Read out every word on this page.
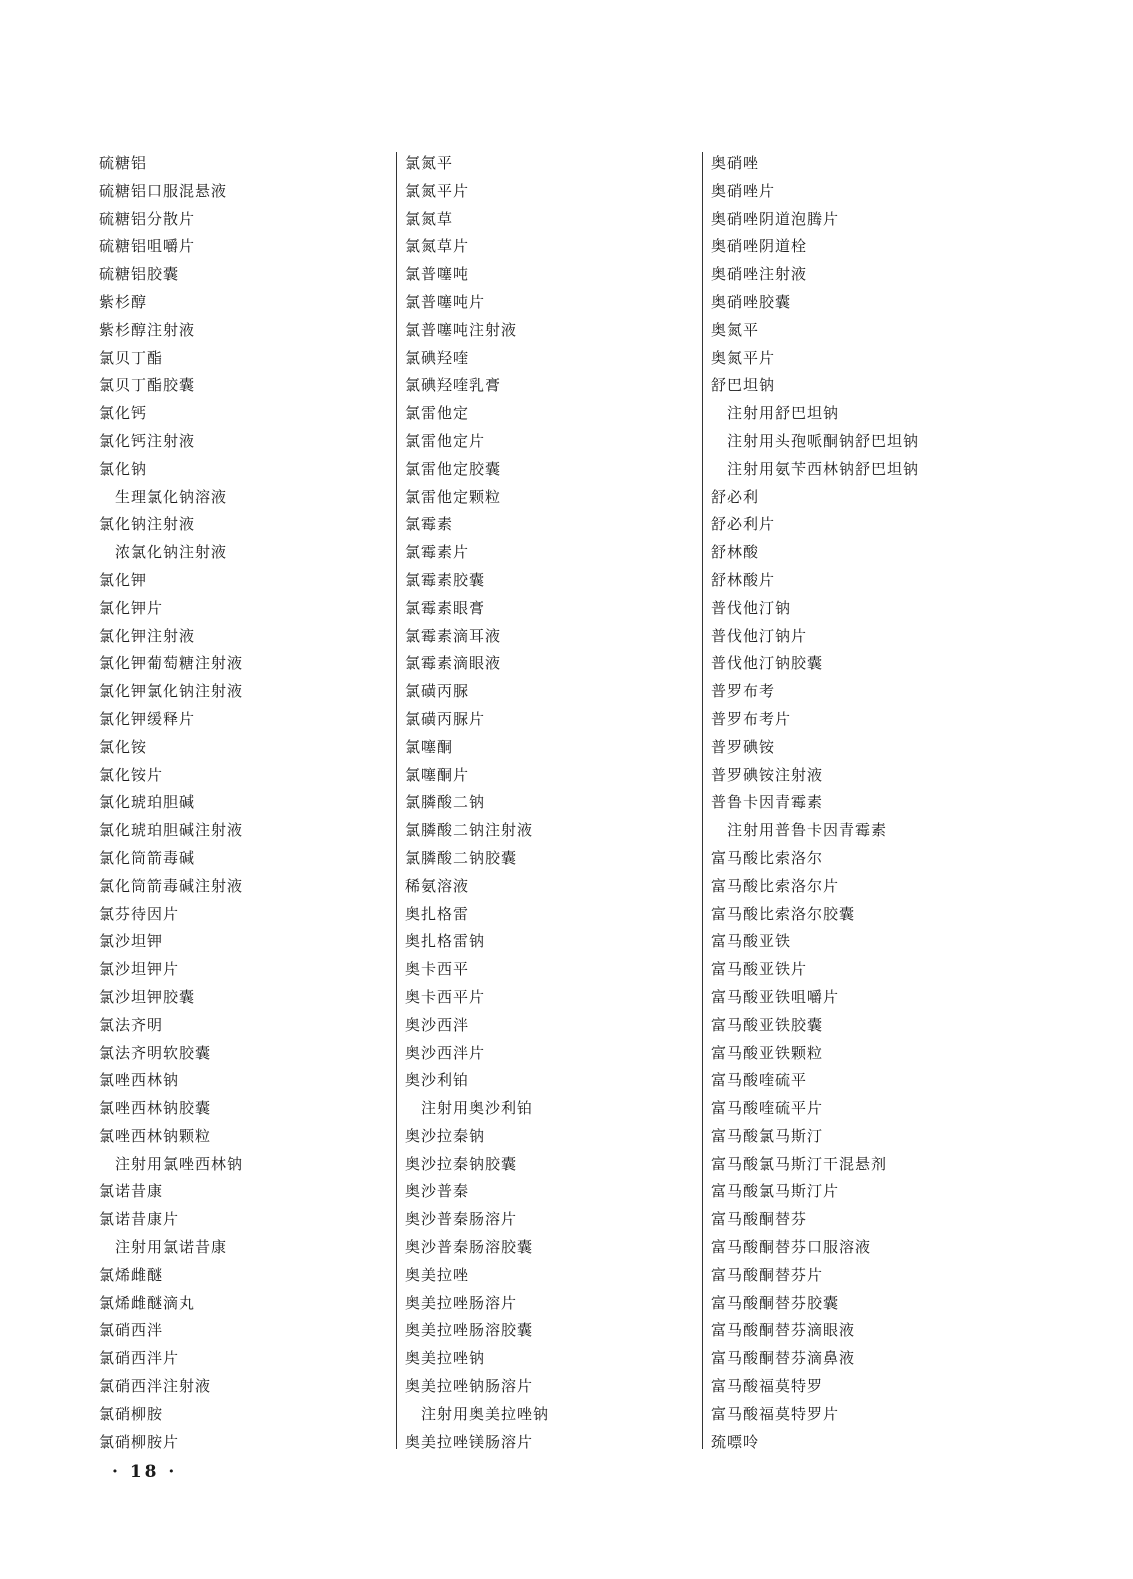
硫糖铝
硫糖铝口服混悬液
硫糖铝分散片
硫糖铝咀嚼片
硫糖铝胶囊
紫杉醇
紫杉醇注射液
氯贝丁酯
氯贝丁酯胶囊
氯化钙
氯化钙注射液
氯化钠
生理氯化钠溶液
氯化钠注射液
浓氯化钠注射液
氯化钾
氯化钾片
氯化钾注射液
氯化钾葡萄糖注射液
氯化钾氯化钠注射液
氯化钾缓释片
氯化铵
氯化铵片
氯化琥珀胆碱
氯化琥珀胆碱注射液
氯化筒箭毒碱
氯化筒箭毒碱注射液
氯芬待因片
氯沙坦钾
氯沙坦钾片
氯沙坦钾胶囊
氯法齐明
氯法齐明软胶囊
氯唑西林钠
氯唑西林钠胶囊
氯唑西林钠颗粒
注射用氯唑西林钠
氯诺昔康
氯诺昔康片
注射用氯诺昔康
氯烯雌醚
氯烯雌醚滴丸
氯硝西泮
氯硝西泮片
氯硝西泮注射液
氯硝柳胺
氯硝柳胺片
氯氮平
氯氮平片
氯氮草
氯氮草片
氯普噻吨
氯普噻吨片
氯普噻吨注射液
氯碘羟喹
氯碘羟喹乳膏
氯雷他定
氯雷他定片
氯雷他定胶囊
氯雷他定颗粒
氯霉素
氯霉素片
氯霉素胶囊
氯霉素眼膏
氯霉素滴耳液
氯霉素滴眼液
氯磺丙脲
氯磺丙脲片
氯噻酮
氯噻酮片
氯膦酸二钠
氯膦酸二钠注射液
氯膦酸二钠胶囊
稀氨溶液
奥扎格雷
奥扎格雷钠
奥卡西平
奥卡西平片
奥沙西泮
奥沙西泮片
奥沙利铂
注射用奥沙利铂
奥沙拉秦钠
奥沙拉秦钠胶囊
奥沙普秦
奥沙普秦肠溶片
奥沙普秦肠溶胶囊
奥美拉唑
奥美拉唑肠溶片
奥美拉唑肠溶胶囊
奥美拉唑钠
奥美拉唑钠肠溶片
注射用奥美拉唑钠
奥美拉唑镁肠溶片
奥硝唑
奥硝唑片
奥硝唑阴道泡腾片
奥硝唑阴道栓
奥硝唑注射液
奥硝唑胶囊
奥氮平
奥氮平片
舒巴坦钠
注射用舒巴坦钠
注射用头孢哌酮钠舒巴坦钠
注射用氨苄西林钠舒巴坦钠
舒必利
舒必利片
舒林酸
舒林酸片
普伐他汀钠
普伐他汀钠片
普伐他汀钠胶囊
普罗布考
普罗布考片
普罗碘铵
普罗碘铵注射液
普鲁卡因青霉素
注射用普鲁卡因青霉素
富马酸比索洛尔
富马酸比索洛尔片
富马酸比索洛尔胶囊
富马酸亚铁
富马酸亚铁片
富马酸亚铁咀嚼片
富马酸亚铁胶囊
富马酸亚铁颗粒
富马酸喹硫平
富马酸喹硫平片
富马酸氯马斯汀
富马酸氯马斯汀干混悬剂
富马酸氯马斯汀片
富马酸酮替芬
富马酸酮替芬口服溶液
富马酸酮替芬片
富马酸酮替芬胶囊
富马酸酮替芬滴眼液
富马酸酮替芬滴鼻液
富马酸福莫特罗
富马酸福莫特罗片
巯嘌呤
· 18 ·
